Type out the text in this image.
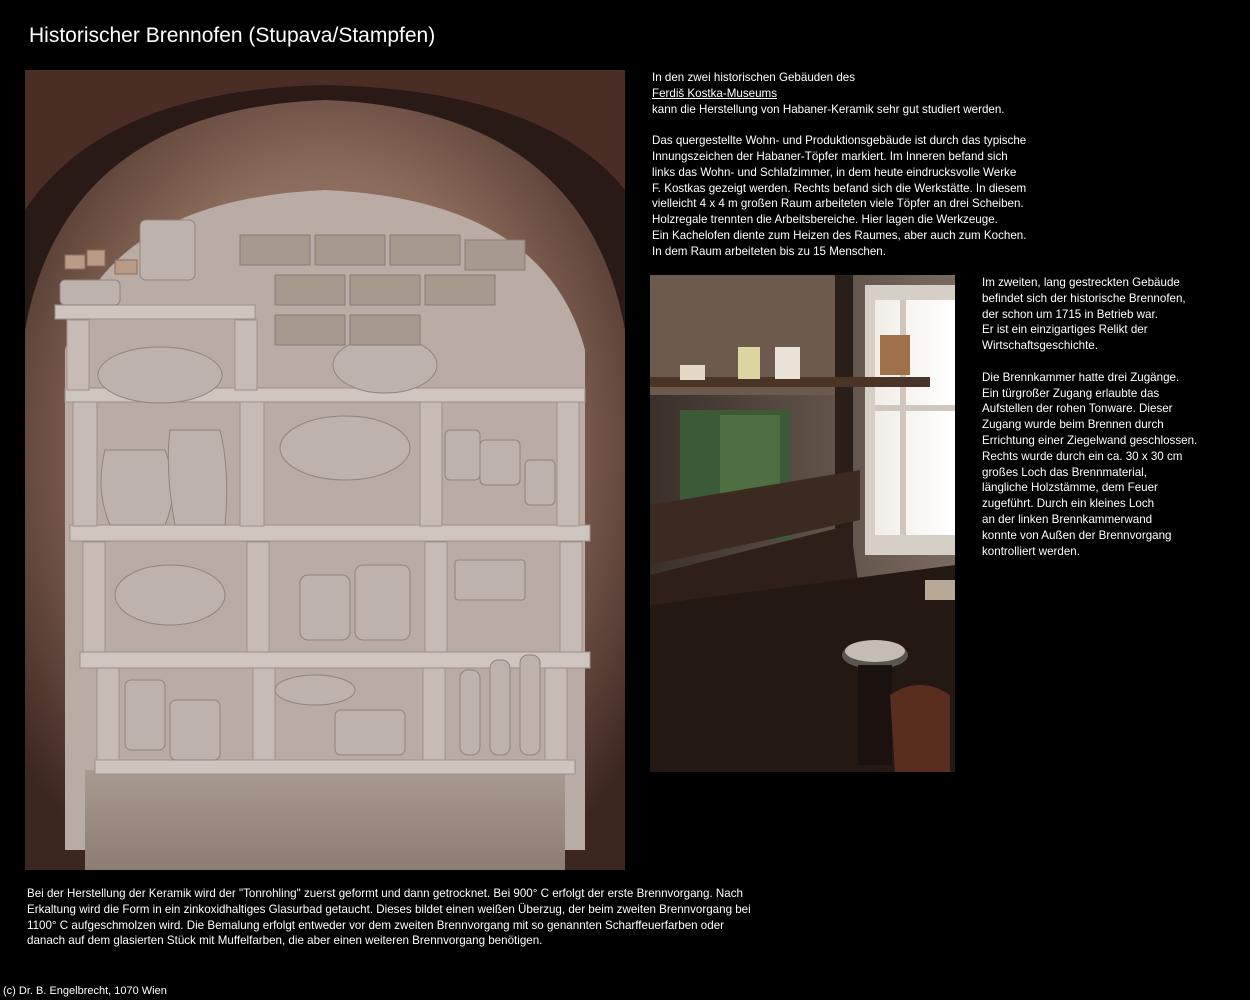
Historischer Brennofen (Stupava/Stampfen)
In den zwei historischen Gebäuden des
Ferdiš Kostka-Museums
kann die Herstellung von Habaner-Keramik sehr gut studiert werden.

Das quergestellte Wohn- und Produktionsgebäude ist durch das typische
Innungszeichen der Habaner-Töpfer markiert. Im Inneren befand sich
links das Wohn- und Schlafzimmer, in dem heute eindrucksvolle Werke
F. Kostkas gezeigt werden. Rechts befand sich die Werkstätte. In diesem
vielleicht 4 x 4 m großen Raum arbeiteten viele Töpfer an drei Scheiben.
Holzregale trennten die Arbeitsbereiche. Hier lagen die Werkzeuge.
Ein Kachelofen diente zum Heizen des Raumes, aber auch zum Kochen.
In dem Raum arbeiteten bis zu 15 Menschen.
Im zweiten, lang gestreckten Gebäude
befindet sich der historische Brennofen,
der schon um 1715 in Betrieb war.
Er ist ein einzigartiges Relikt der
Wirtschaftsgeschichte.

Die Brennkammer hatte drei Zugänge.
Ein türgroßer Zugang erlaubte das
Aufstellen der rohen Tonware. Dieser
Zugang wurde beim Brennen durch
Errichtung einer Ziegelwand geschlossen.
Rechts wurde durch ein ca. 30 x 30 cm
großes Loch das Brennmaterial,
längliche Holzstämme, dem Feuer
zugeführt. Durch ein kleines Loch
an der linken Brennkammerwand
konnte von Außen der Brennvorgang
kontrolliert werden.
Bei der Herstellung der Keramik wird der "Tonrohling" zuerst geformt und dann getrocknet. Bei 900° C erfolgt der erste Brennvorgang. Nach
Erkaltung wird die Form in ein zinkoxidhaltiges Glasurbad getaucht. Dieses bildet einen weißen Überzug, der beim zweiten Brennvorgang bei
1100° C aufgeschmolzen wird. Die Bemalung erfolgt entweder vor dem zweiten Brennvorgang mit so genannten Scharffeuerfarben oder
danach auf dem glasierten Stück mit Muffelfarben, die aber einen weiteren Brennvorgang benötigen.
(c) Dr. B. Engelbrecht, 1070 Wien
